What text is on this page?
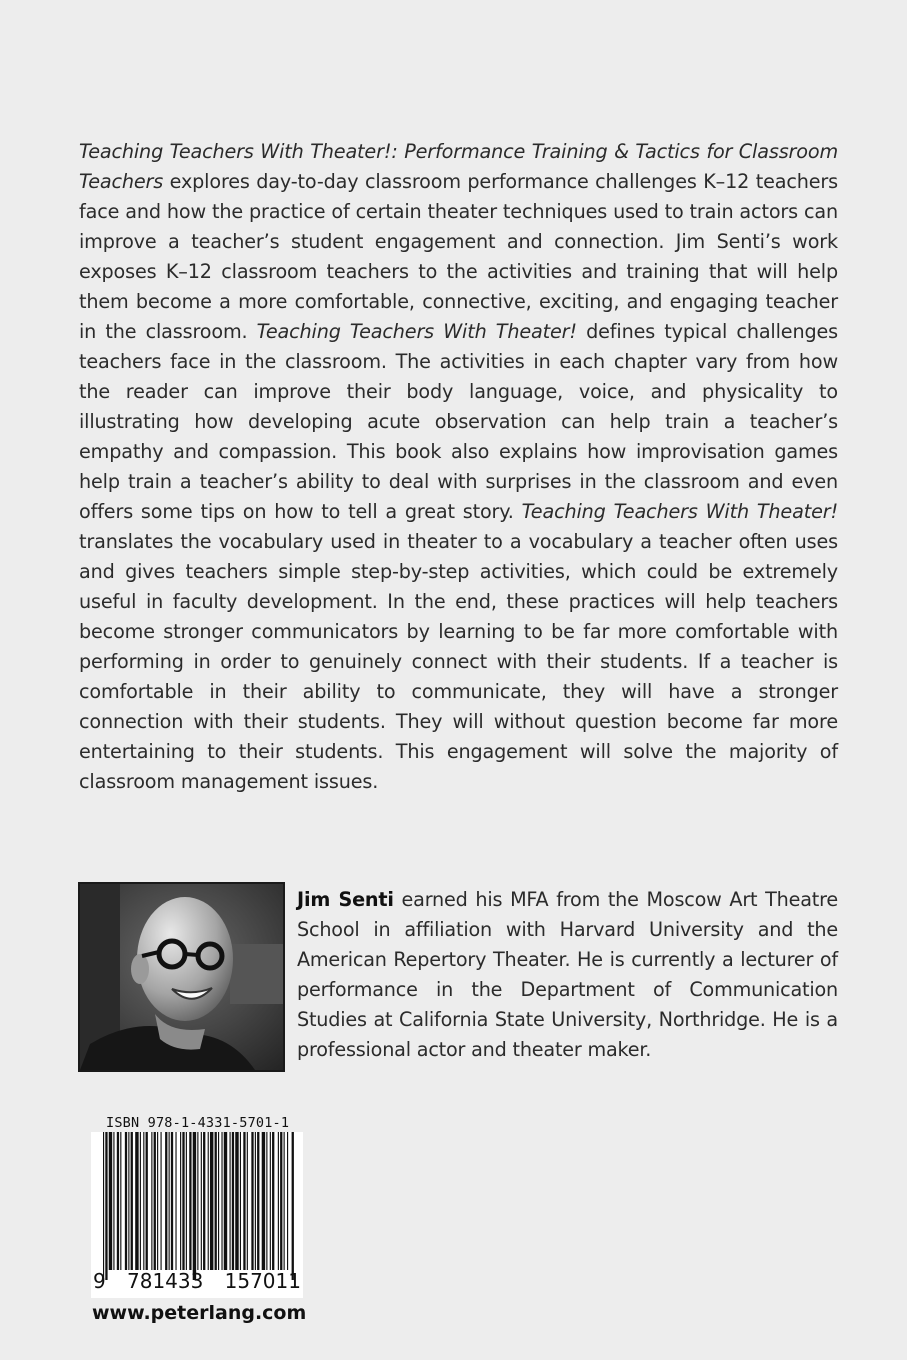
Teaching Teachers With Theater!: Performance Training & Tactics for Classroom Teachers explores day-to-day classroom performance challenges K–12 teachers face and how the practice of certain theater techniques used to train actors can improve a teacher’s student engagement and connection. Jim Senti’s work exposes K–12 classroom teachers to the activities and training that will help them become a more comfortable, connective, exciting, and engaging teacher in the classroom. Teaching Teachers With Theater! defines typical challenges teachers face in the classroom. The activities in each chapter vary from how the reader can improve their body language, voice, and physicality to illustrating how developing acute observation can help train a teacher’s empathy and compassion. This book also explains how improvisation games help train a teacher’s ability to deal with surprises in the classroom and even offers some tips on how to tell a great story. Teaching Teachers With Theater! translates the vocabulary used in theater to a vocabulary a teacher often uses and gives teachers simple step-by-step activities, which could be extremely useful in faculty development. In the end, these practices will help teachers become stronger communicators by learning to be far more comfortable with performing in order to genuinely connect with their students. If a teacher is comfortable in their ability to communicate, they will have a stronger connection with their students. They will without question become far more entertaining to their students. This engagement will solve the majority of classroom management issues.
Jim Senti earned his MFA from the Moscow Art Theatre School in affiliation with Harvard University and the American Repertory Theater. He is currently a lecturer of performance in the Department of Communication Studies at California State University, Northridge. He is a professional actor and theater maker.
ISBN 978-1-4331-5701-1
9 781433 157011
www.peterlang.com
